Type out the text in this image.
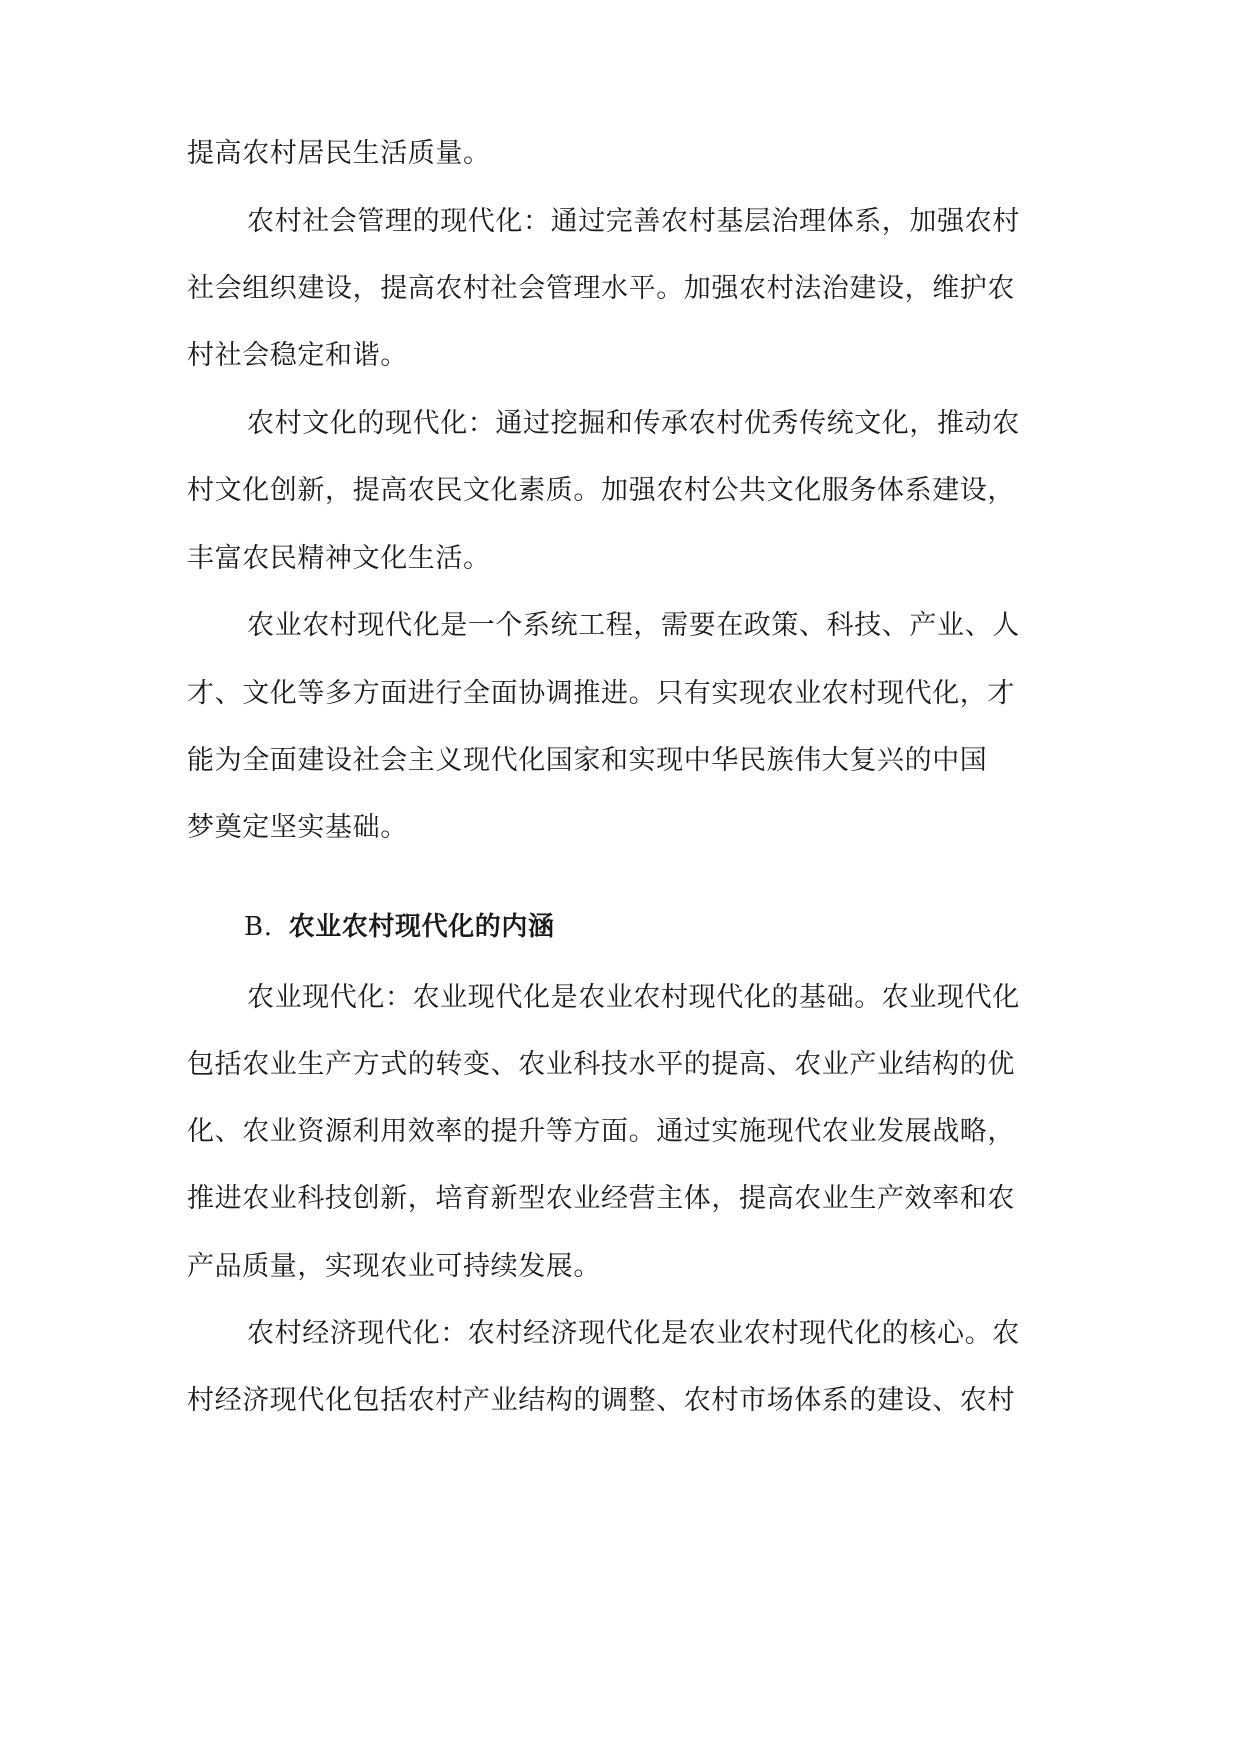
提高农村居民生活质量。
农村社会管理的现代化：通过完善农村基层治理体系，加强农村
社会组织建设，提高农村社会管理水平。加强农村法治建设，维护农
村社会稳定和谐。
农村文化的现代化：通过挖掘和传承农村优秀传统文化，推动农
村文化创新，提高农民文化素质。加强农村公共文化服务体系建设，
丰富农民精神文化生活。
农业农村现代化是一个系统工程，需要在政策、科技、产业、人
才、文化等多方面进行全面协调推进。只有实现农业农村现代化，才
能为全面建设社会主义现代化国家和实现中华民族伟大复兴的中国
梦奠定坚实基础。
B. 农业农村现代化的内涵
农业现代化：农业现代化是农业农村现代化的基础。农业现代化
包括农业生产方式的转变、农业科技水平的提高、农业产业结构的优
化、农业资源利用效率的提升等方面。通过实施现代农业发展战略，
推进农业科技创新，培育新型农业经营主体，提高农业生产效率和农
产品质量，实现农业可持续发展。
农村经济现代化：农村经济现代化是农业农村现代化的核心。农
村经济现代化包括农村产业结构的调整、农村市场体系的建设、农村
